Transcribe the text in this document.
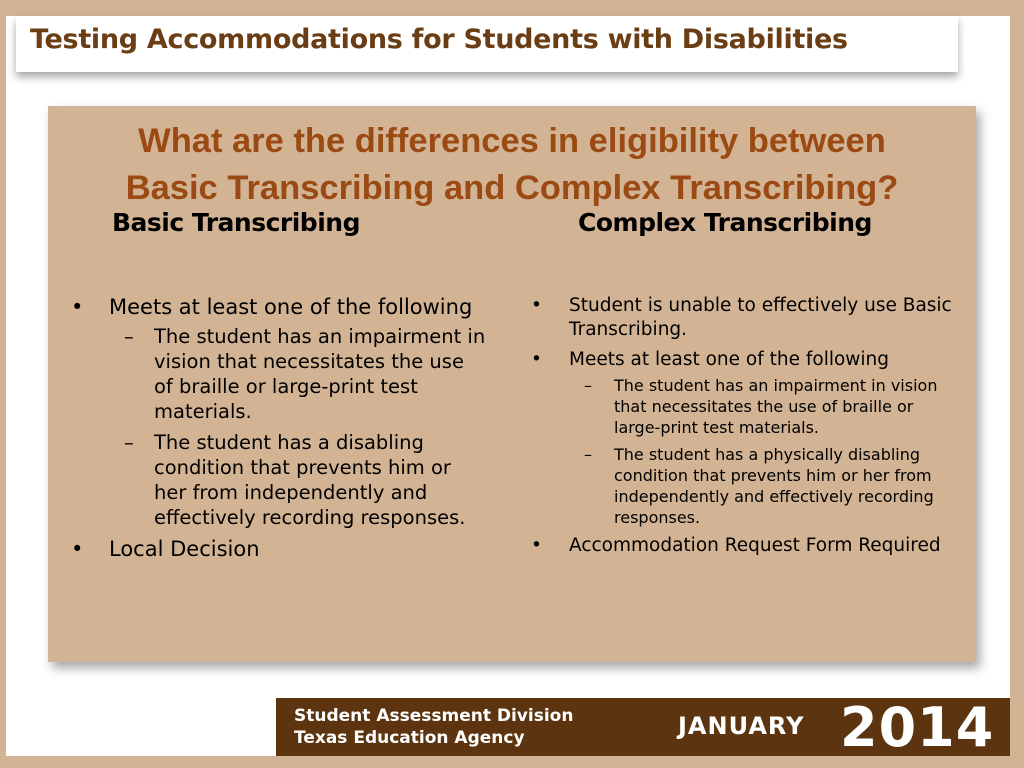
Testing Accommodations for Students with Disabilities
What are the differences in eligibility between
Basic Transcribing and Complex Transcribing?
Basic Transcribing	Complex Transcribing
•	Meets at least one of the following
– The student has an impairment in vision that necessitates the use of braille or large-print test materials.
– The student has a disabling condition that prevents him or her from independently and effectively recording responses.
•	Local Decision
•	Student is unable to effectively use Basic Transcribing.
•	Meets at least one of the following
– The student has an impairment in vision that necessitates the use of braille or large-print test materials.
– The student has a physically disabling condition that prevents him or her from independently and effectively recording responses.
•	Accommodation Request Form Required
Student Assessment Division
Texas Education Agency	JANUARY 2014
